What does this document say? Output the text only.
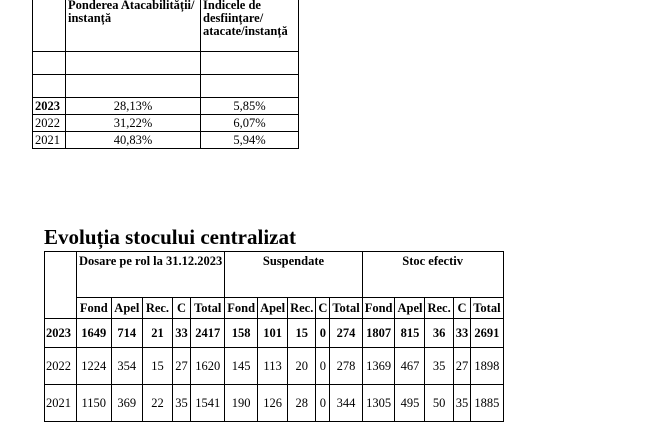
	Ponderea Atacabilității/ instanță	Indicele de desființare/ atacate/instanță

2023	28,13%	5,85%
2022	31,22%	6,07%
2021	40,83%	5,94%
Evoluția stocului centralizat
	Dosare pe rol la 31.12.2023					Suspendate					Stoc efectiv				
	Fond	Apel	Rec.	C	Total	Fond	Apel	Rec.	C	Total	Fond	Apel	Rec.	C	Total
2023	1649	714	21	33	2417	158	101	15	0	274	1807	815	36	33	2691
2022	1224	354	15	27	1620	145	113	20	0	278	1369	467	35	27	1898
2021	1150	369	22	35	1541	190	126	28	0	344	1305	495	50	35	1885
